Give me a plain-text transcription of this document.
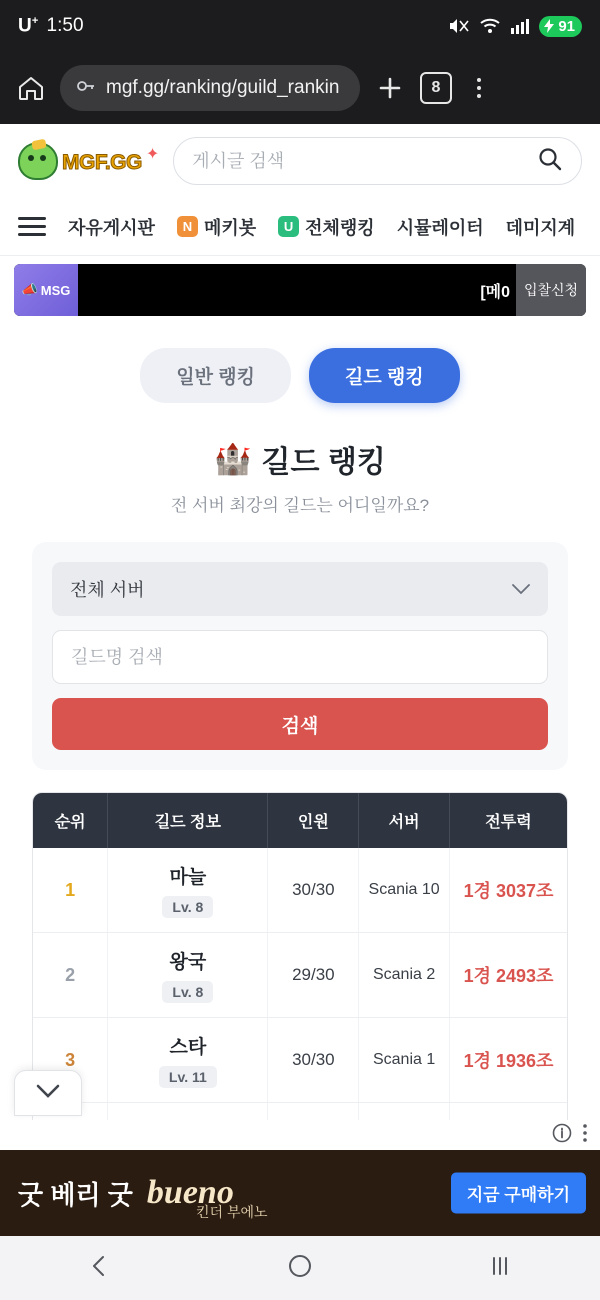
U+ 1:50	91
mgf.gg/ranking/guild_rankin	8
MGF.GG ✦
게시글 검색
자유게시판	N 메키봇	U 전체랭킹 시뮬레이터 데미지계
📣 MSG	[메0 입찰신청
일반 랭킹	길드 랭킹
🏰 길드 랭킹
전 서버 최강의 길드는 어디일까요?
전체 서버
길드명 검색
검색
순위	길드 정보	인원	서버	전투력
1	마늘
Lv. 8	30/30	Scania 10	1경 3037조
2	왕국
Lv. 8	29/30	Scania 2	1경 2493조
3	스타
Lv. 11	30/30	Scania 1	1경 1936조

굿 베리 굿 bueno
킨더 부에노
지금 구매하기
